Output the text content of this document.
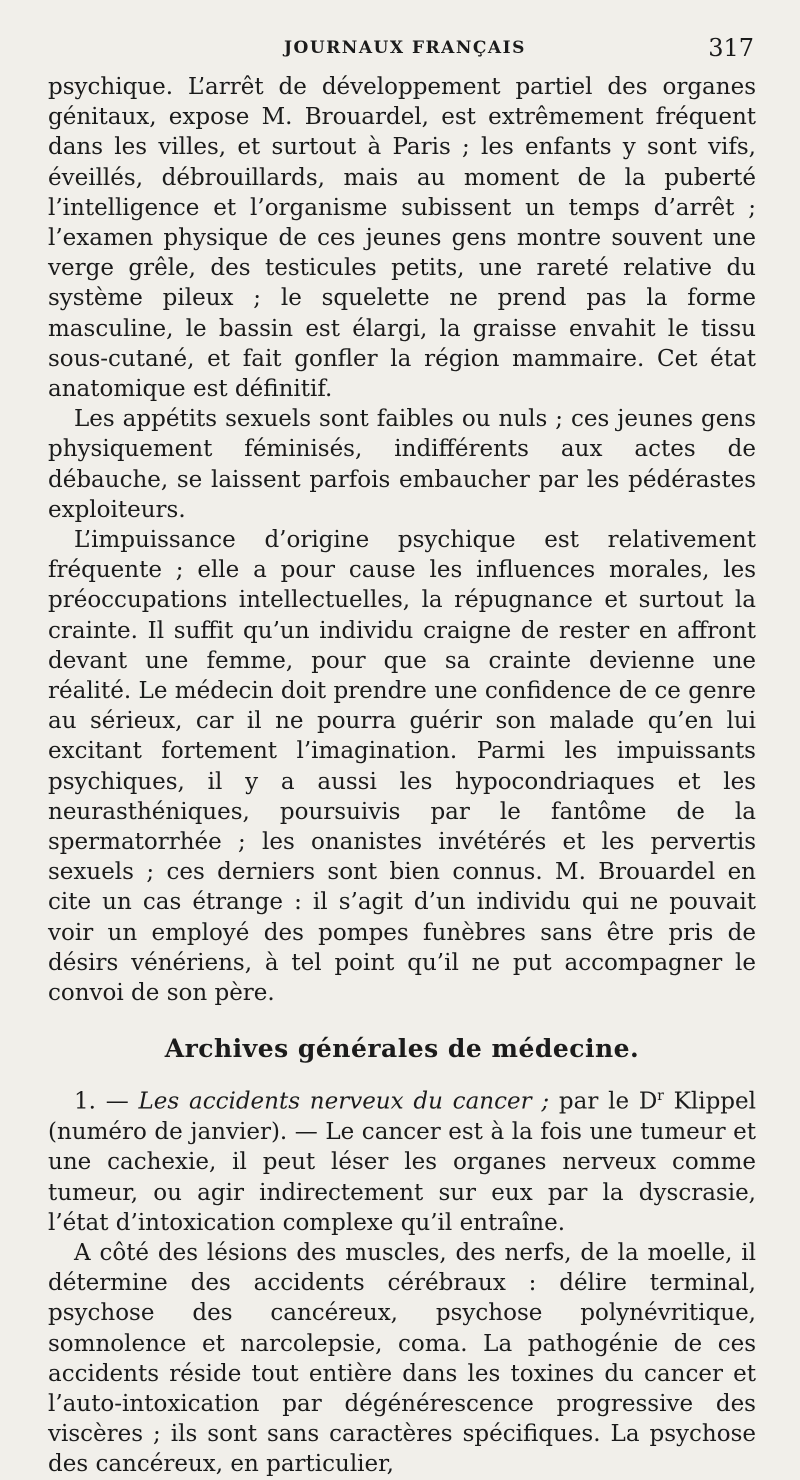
JOURNAUX FRANÇAIS	317

psychique. L’arrêt de développement partiel des organes génitaux, expose M. Brouardel, est extrêmement fréquent dans les villes, et surtout à Paris ; les enfants y sont vifs, éveillés, débrouillards, mais au moment de la puberté l’intelligence et l’organisme subissent un temps d’arrêt ; l’examen physique de ces jeunes gens montre souvent une verge grêle, des testicules petits, une rareté relative du système pileux ; le squelette ne prend pas la forme masculine, le bassin est élargi, la graisse envahit le tissu sous-cutané, et fait gonfler la région mammaire. Cet état anatomique est définitif.

Les appétits sexuels sont faibles ou nuls ; ces jeunes gens physiquement féminisés, indifférents aux actes de débauche, se laissent parfois embaucher par les pédérastes exploiteurs.

L’impuissance d’origine psychique est relativement fréquente ; elle a pour cause les influences morales, les préoccupations intellectuelles, la répugnance et surtout la crainte. Il suffit qu’un individu craigne de rester en affront devant une femme, pour que sa crainte devienne une réalité. Le médecin doit prendre une confidence de ce genre au sérieux, car il ne pourra guérir son malade qu’en lui excitant fortement l’imagination. Parmi les impuissants psychiques, il y a aussi les hypocondriaques et les neurasthéniques, poursuivis par le fantôme de la spermatorrhée ; les onanistes invétérés et les pervertis sexuels ; ces derniers sont bien connus. M. Brouardel en cite un cas étrange : il s’agit d’un individu qui ne pouvait voir un employé des pompes funèbres sans être pris de désirs vénériens, à tel point qu’il ne put accompagner le convoi de son père.

Archives générales de médecine.

1. — Les accidents nerveux du cancer ; par le $D^r$ Klippel (numéro de janvier). — Le cancer est à la fois une tumeur et une cachexie, il peut léser les organes nerveux comme tumeur, ou agir indirectement sur eux par la dyscrasie, l’état d’intoxication complexe qu’il entraîne.

A côté des lésions des muscles, des nerfs, de la moelle, il détermine des accidents cérébraux : délire terminal, psychose des cancéreux, psychose polynévritique, somnolence et narcolepsie, coma. La pathogénie de ces accidents réside tout entière dans les toxines du cancer et l’auto-intoxication par dégénérescence progressive des viscères ; ils sont sans caractères spécifiques. La psychose des cancéreux, en particulier,
